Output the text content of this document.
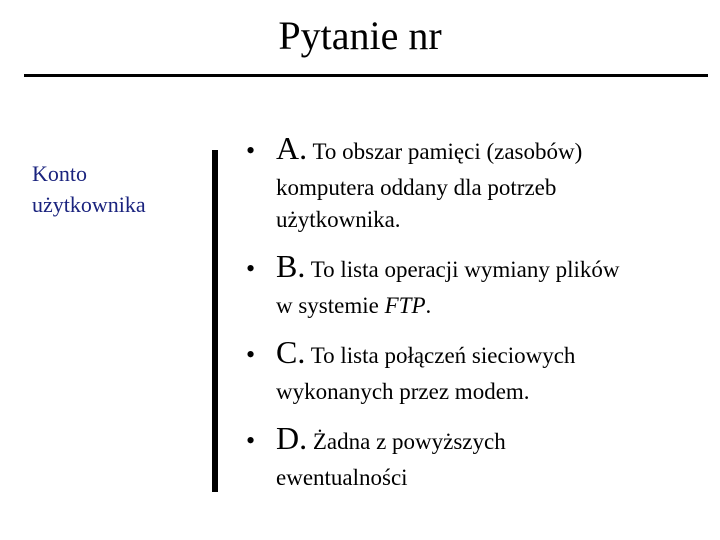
Pytanie nr
Konto
użytkownika
• A. To obszar pamięci (zasobów)
komputera oddany dla potrzeb
użytkownika.
• B. To lista operacji wymiany plików
w systemie FTP.
• C. To lista połączeń sieciowych
wykonanych przez modem.
• D. Żadna z powyższych
ewentualności
